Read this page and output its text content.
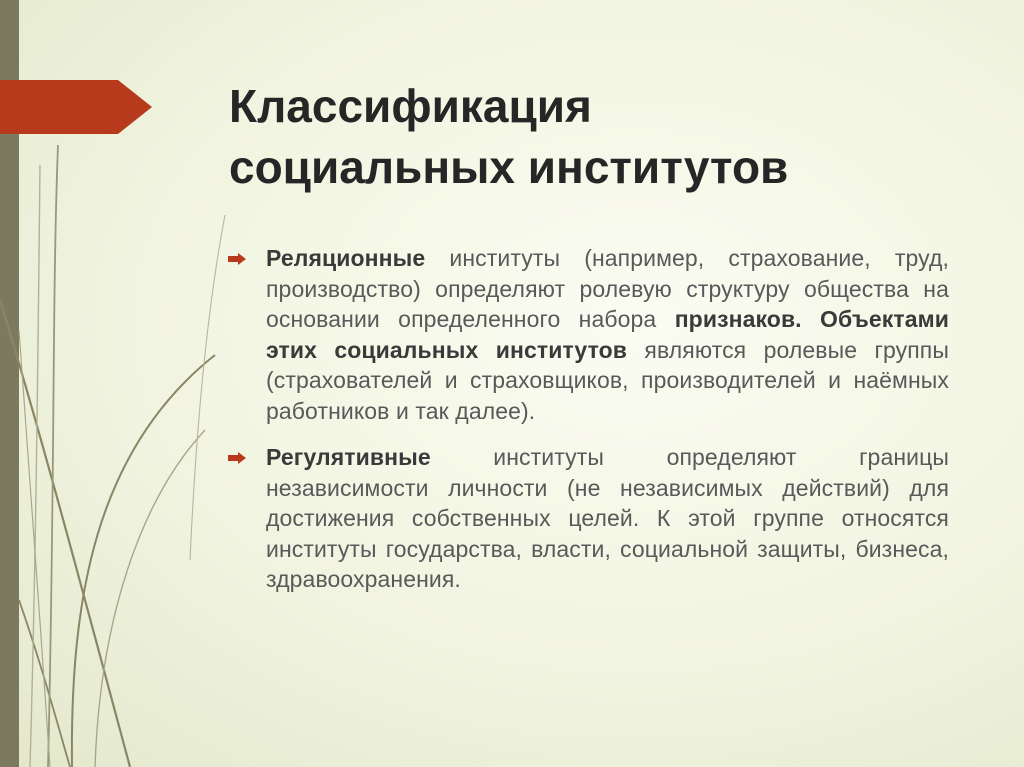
Классификация
социальных институтов
Реляционные институты (например, страхование, труд, производство) определяют ролевую структуру общества на основании определенного набора признаков. Объектами этих социальных институтов являются ролевые группы (страхователей и страховщиков, производителей и наёмных работников и так далее).
Регулятивные институты определяют границы независимости личности (не независимых действий) для достижения собственных целей. К этой группе относятся институты государства, власти, социальной защиты, бизнеса, здравоохранения.
